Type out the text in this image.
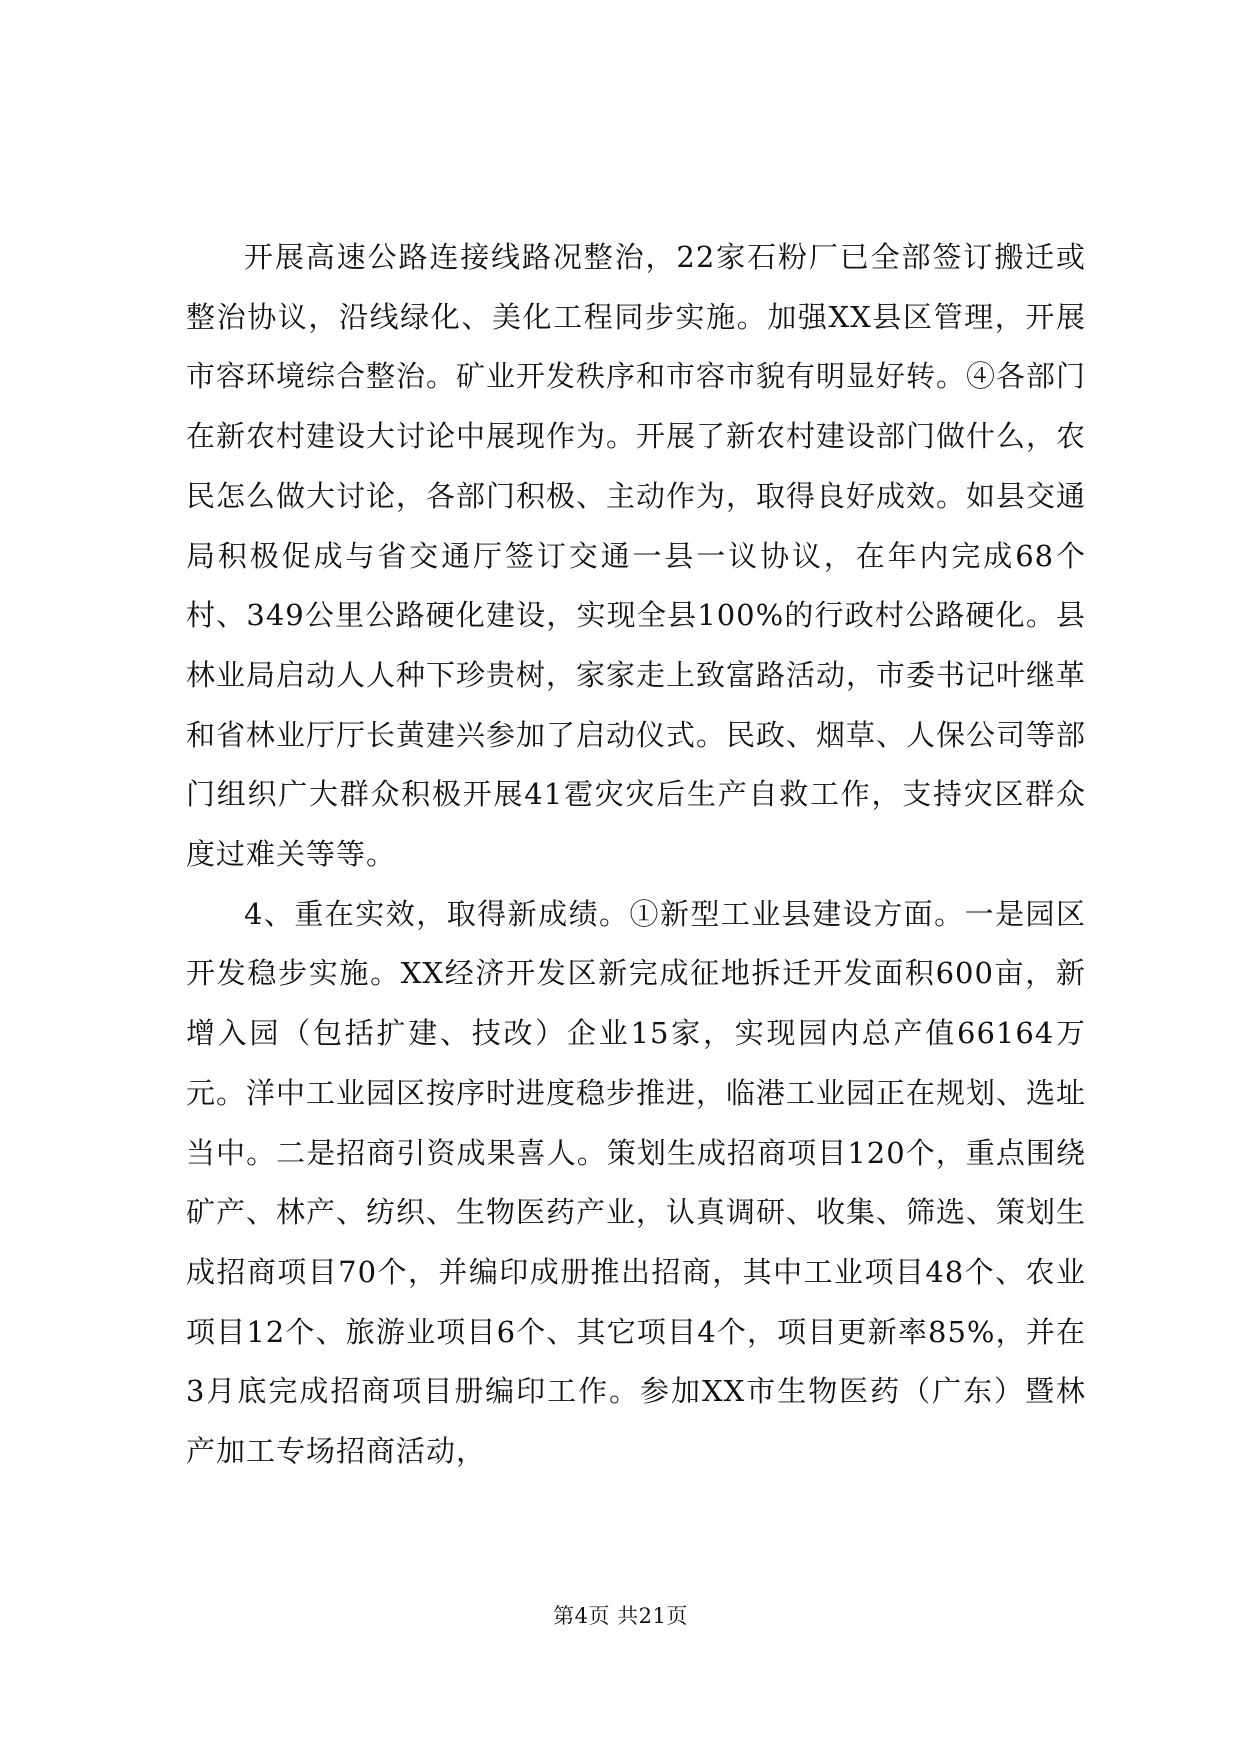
开展高速公路连接线路况整治，22家石粉厂已全部签订搬迁或整治协议，沿线绿化、美化工程同步实施。加强XX县区管理，开展市容环境综合整治。矿业开发秩序和市容市貌有明显好转。④各部门在新农村建设大讨论中展现作为。开展了新农村建设部门做什么，农民怎么做大讨论，各部门积极、主动作为，取得良好成效。如县交通局积极促成与省交通厅签订交通一县一议协议，在年内完成68个村、349公里公路硬化建设，实现全县100%的行政村公路硬化。县林业局启动人人种下珍贵树，家家走上致富路活动，市委书记叶继革和省林业厅厅长黄建兴参加了启动仪式。民政、烟草、人保公司等部门组织广大群众积极开展41雹灾灾后生产自救工作，支持灾区群众度过难关等等。

4、重在实效，取得新成绩。①新型工业县建设方面。一是园区开发稳步实施。XX经济开发区新完成征地拆迁开发面积600亩，新增入园（包括扩建、技改）企业15家，实现园内总产值66164万元。洋中工业园区按序时进度稳步推进，临港工业园正在规划、选址当中。二是招商引资成果喜人。策划生成招商项目120个，重点围绕矿产、林产、纺织、生物医药产业，认真调研、收集、筛选、策划生成招商项目70个，并编印成册推出招商，其中工业项目48个、农业项目12个、旅游业项目6个、其它项目4个，项目更新率85%，并在3月底完成招商项目册编印工作。参加XX市生物医药（广东）暨林产加工专场招商活动，

第4页 共21页
